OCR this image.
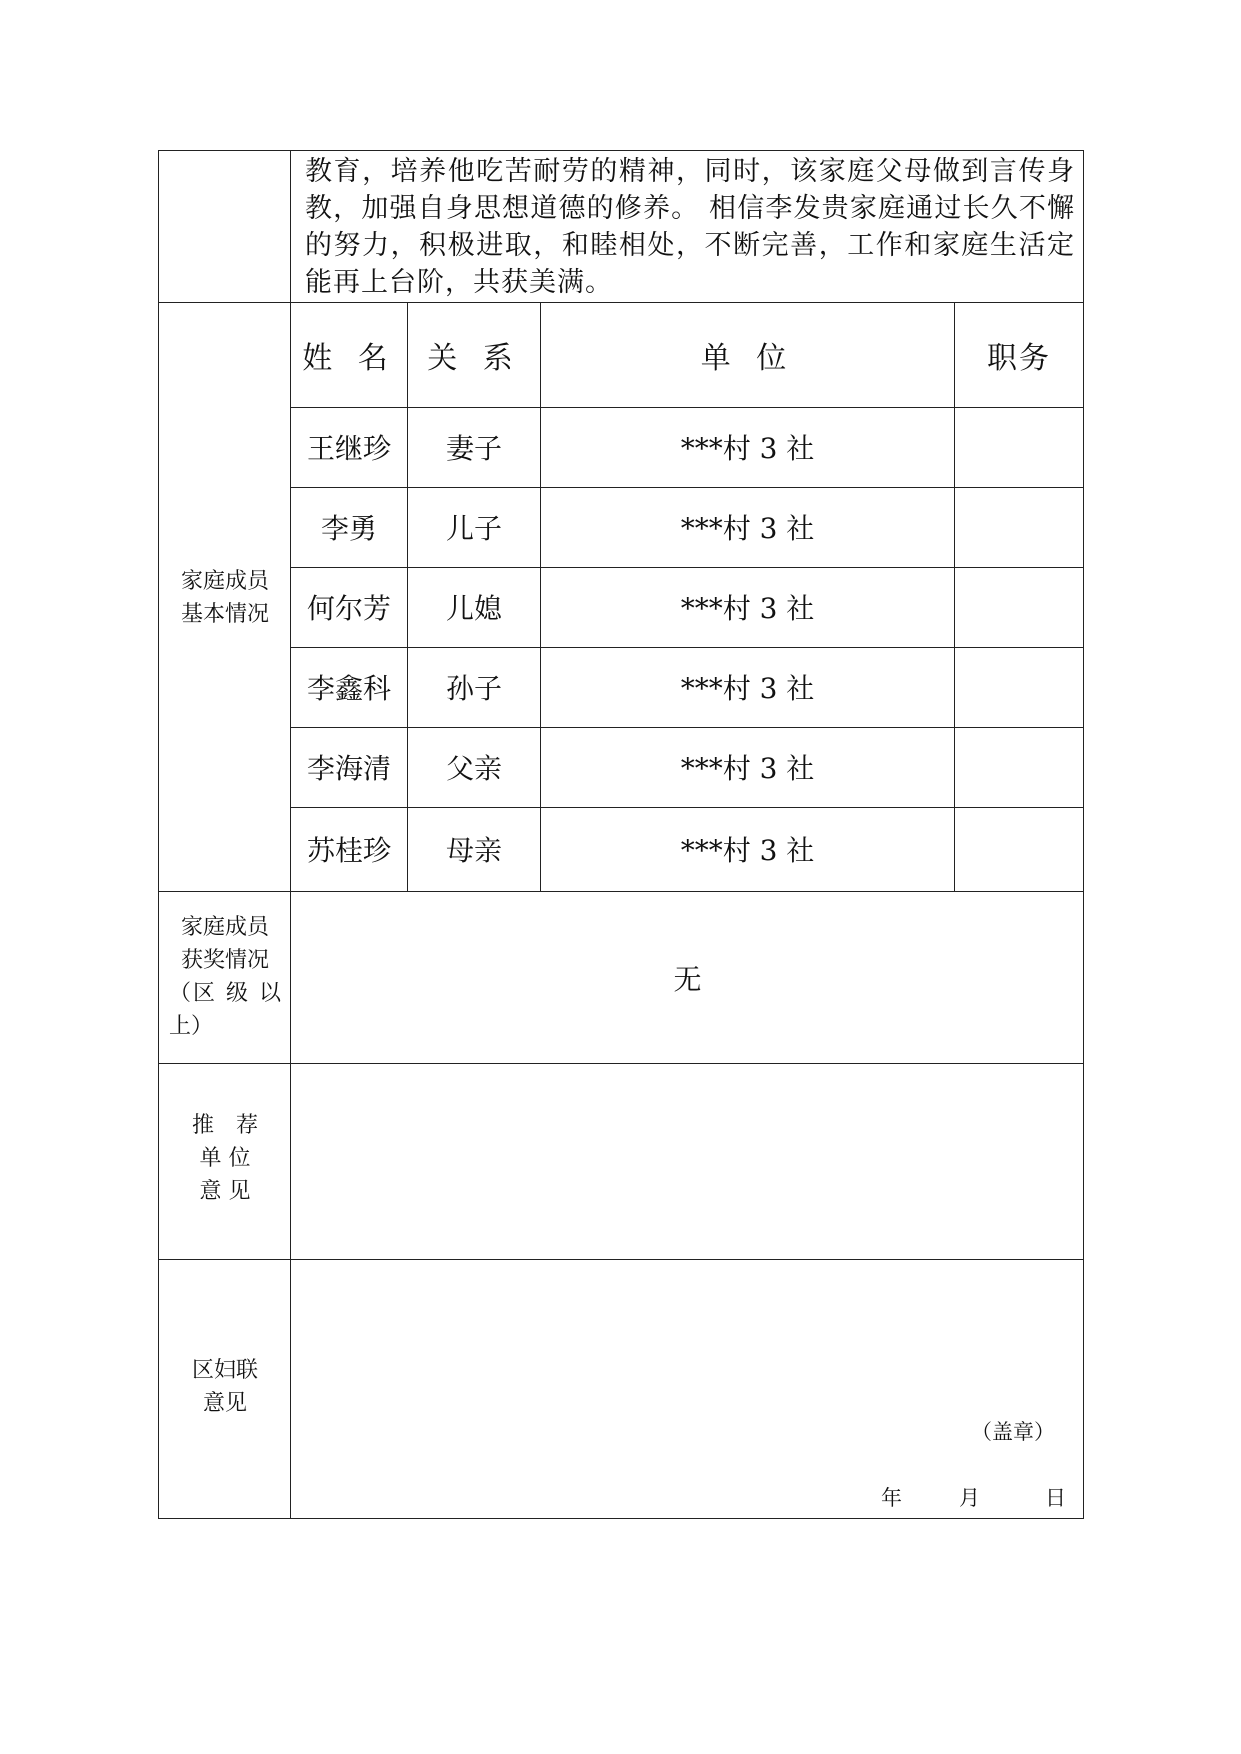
教育，培养他吃苦耐劳的精神，同时，该家庭父母做到言传身教，加强自身思想道德的修养。 相信李发贵家庭通过长久不懈的努力，积极进取，和睦相处，不断完善，工作和家庭生活定能再上台阶，共获美满。
家庭成员
基本情况
姓 名	关 系	单 位	职务
王继珍	妻子	***村 3 社
李勇	儿子	***村 3 社
何尔芳	儿媳	***村 3 社
李鑫科	孙子	***村 3 社
李海清	父亲	***村 3 社
苏桂珍	母亲	***村 3 社
家庭成员
获奖情况
（区 级 以
上）
无
推　荐
单 位
意 见
区妇联
意见
（盖章）
年	月	日
